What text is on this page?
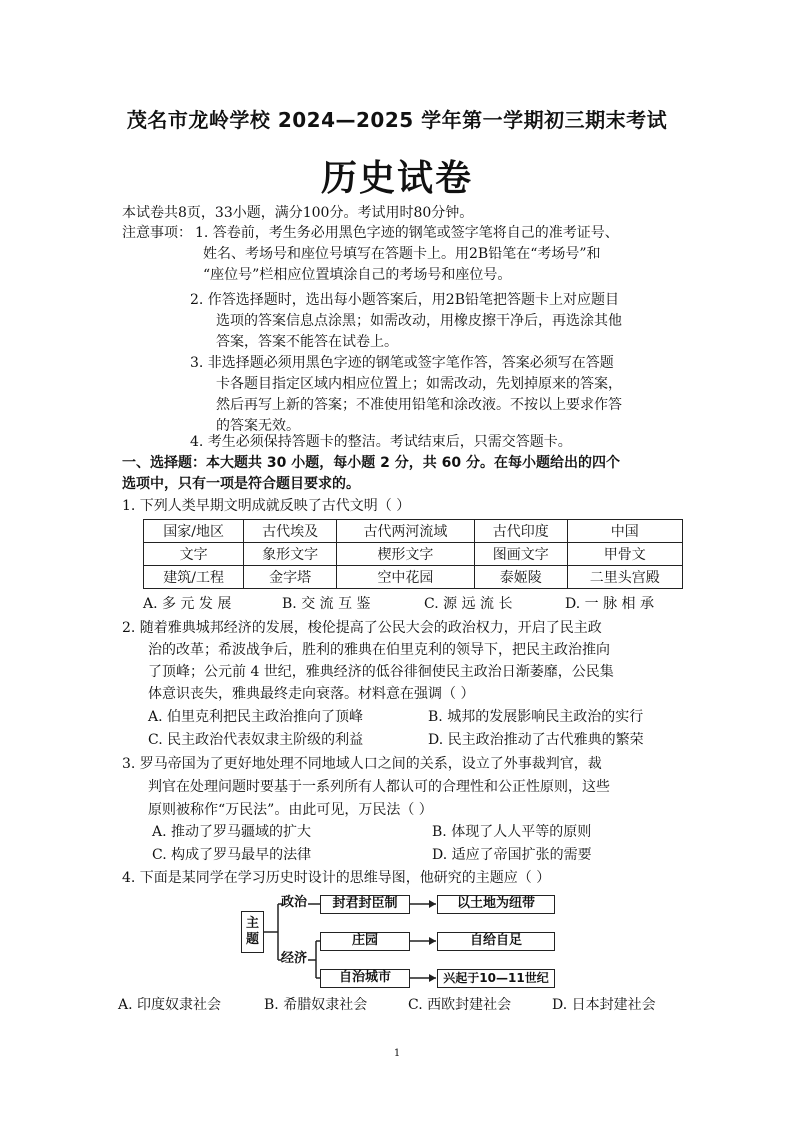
茂名市龙岭学校 2024—2025 学年第一学期初三期末考试
历史试卷
本试卷共8页，33小题，满分100分。考试用时80分钟。
注意事项： 1. 答卷前，考生务必用黑色字迹的钢笔或签字笔将自己的准考证号、
姓名、考场号和座位号填写在答题卡上。用2B铅笔在“考场号”和
“座位号”栏相应位置填涂自己的考场号和座位号。
2. 作答选择题时，选出每小题答案后，用2B铅笔把答题卡上对应题目
选项的答案信息点涂黑；如需改动，用橡皮擦干净后，再选涂其他
答案，答案不能答在试卷上。
3. 非选择题必须用黑色字迹的钢笔或签字笔作答，答案必须写在答题
卡各题目指定区域内相应位置上；如需改动，先划掉原来的答案，
然后再写上新的答案；不准使用铅笔和涂改液。不按以上要求作答
的答案无效。
4. 考生必须保持答题卡的整洁。考试结束后，只需交答题卡。
一、选择题：本大题共 30 小题，每小题 2 分，共 60 分。在每小题给出的四个
选项中，只有一项是符合题目要求的。
1. 下列人类早期文明成就反映了古代文明（ ）
国家/地区	古代埃及	古代两河流域	古代印度	中国
文字	象形文字	楔形文字	图画文字	甲骨文
建筑/工程	金字塔	空中花园	泰姬陵	二里头宫殿
A. 多 元 发 展	B. 交 流 互 鉴	C. 源 远 流 长	D. 一 脉 相 承
2. 随着雅典城邦经济的发展，梭伦提高了公民大会的政治权力，开启了民主政
治的改革；希波战争后，胜利的雅典在伯里克利的领导下，把民主政治推向
了顶峰；公元前 4 世纪，雅典经济的低谷徘徊使民主政治日渐萎靡，公民集
体意识丧失，雅典最终走向衰落。材料意在强调（ ）
A. 伯里克利把民主政治推向了顶峰	B. 城邦的发展影响民主政治的实行
C. 民主政治代表奴隶主阶级的利益	D. 民主政治推动了古代雅典的繁荣
3. 罗马帝国为了更好地处理不同地域人口之间的关系，设立了外事裁判官，裁
判官在处理问题时要基于一系列所有人都认可的合理性和公正性原则，这些
原则被称作“万民法”。由此可见，万民法（ ）
A. 推动了罗马疆域的扩大	B. 体现了人人平等的原则
C. 构成了罗马最早的法律	D. 适应了帝国扩张的需要
4. 下面是某同学在学习历史时设计的思维导图，他研究的主题应（ ）
主题
政治
经济
封君封臣制	以土地为纽带
庄园	自给自足
自治城市	兴起于10—11世纪
A. 印度奴隶社会	B. 希腊奴隶社会	C. 西欧封建社会	D. 日本封建社会
1
